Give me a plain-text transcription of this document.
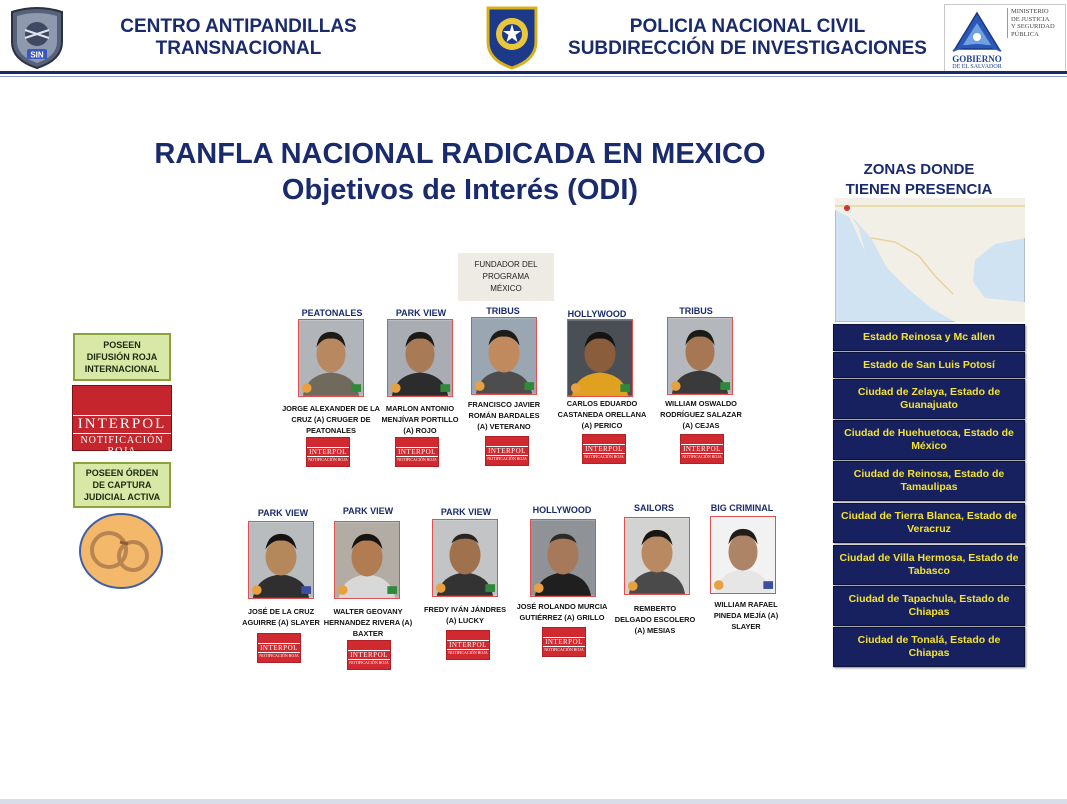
SIN
CENTRO ANTIPANDILLAS
TRANSNACIONAL
POLICIA NACIONAL CIVIL
SUBDIRECCIÓN DE INVESTIGACIONES
MINISTERIO
DE JUSTICIA
Y SEGURIDAD
PÚBLICA
GOBIERNO
DE EL SALVADOR
RANFLA NACIONAL RADICADA EN MEXICO
Objetivos de Interés (ODI)
POSEEN
DIFUSIÓN ROJA
INTERNACIONAL
INTERPOL
NOTIFICACIÓN
ROJA
POSEEN ÓRDEN
DE CAPTURA
JUDICIAL ACTIVA
FUNDADOR DEL
PROGRAMA
MÉXICO
PEATONALES
JORGE ALEXANDER DE LA
CRUZ (A) CRUGER DE
PEATONALES
INTERPOL
NOTIFICACIÓN ROJA
PARK VIEW
MARLON ANTONIO
MENJÍVAR PORTILLO
(A) ROJO
INTERPOL
NOTIFICACIÓN ROJA
TRIBUS
FRANCISCO JAVIER
ROMÁN BARDALES
(A) VETERANO
INTERPOL
NOTIFICACIÓN ROJA
HOLLYWOOD
CARLOS EDUARDO
CASTANEDA ORELLANA
(A) PERICO
INTERPOL
NOTIFICACIÓN ROJA
TRIBUS
WILLIAM OSWALDO
RODRÍGUEZ SALAZAR
(A) CEJAS
INTERPOL
NOTIFICACIÓN ROJA
PARK VIEW
JOSÉ DE LA CRUZ
AGUIRRE (A) SLAYER
INTERPOL
NOTIFICACIÓN ROJA
PARK VIEW
WALTER GEOVANY
HERNANDEZ RIVERA (A)
BAXTER
INTERPOL
NOTIFICACIÓN ROJA
PARK VIEW
FREDY IVÁN JÁNDRES
(A) LUCKY
INTERPOL
NOTIFICACIÓN ROJA
HOLLYWOOD
JOSÉ ROLANDO MURCIA
GUTIÉRREZ (A) GRILLO
INTERPOL
NOTIFICACIÓN ROJA
SAILORS
REMBERTO
DELGADO ESCOLERO
(A) MESIAS
BIG CRIMINAL
WILLIAM RAFAEL
PINEDA MEJÍA (A)
SLAYER
ZONAS DONDE
TIENEN PRESENCIA
Estado Reinosa y Mc allen
Estado de San Luis Potosí
Ciudad de Zelaya, Estado de
Guanajuato
Ciudad de Huehuetoca, Estado de
México
Ciudad de Reinosa, Estado de
Tamaulipas
Ciudad de Tierra Blanca, Estado de
Veracruz
Ciudad de Villa Hermosa, Estado de
Tabasco
Ciudad de Tapachula, Estado de
Chiapas
Ciudad de Tonalá, Estado de
Chiapas
